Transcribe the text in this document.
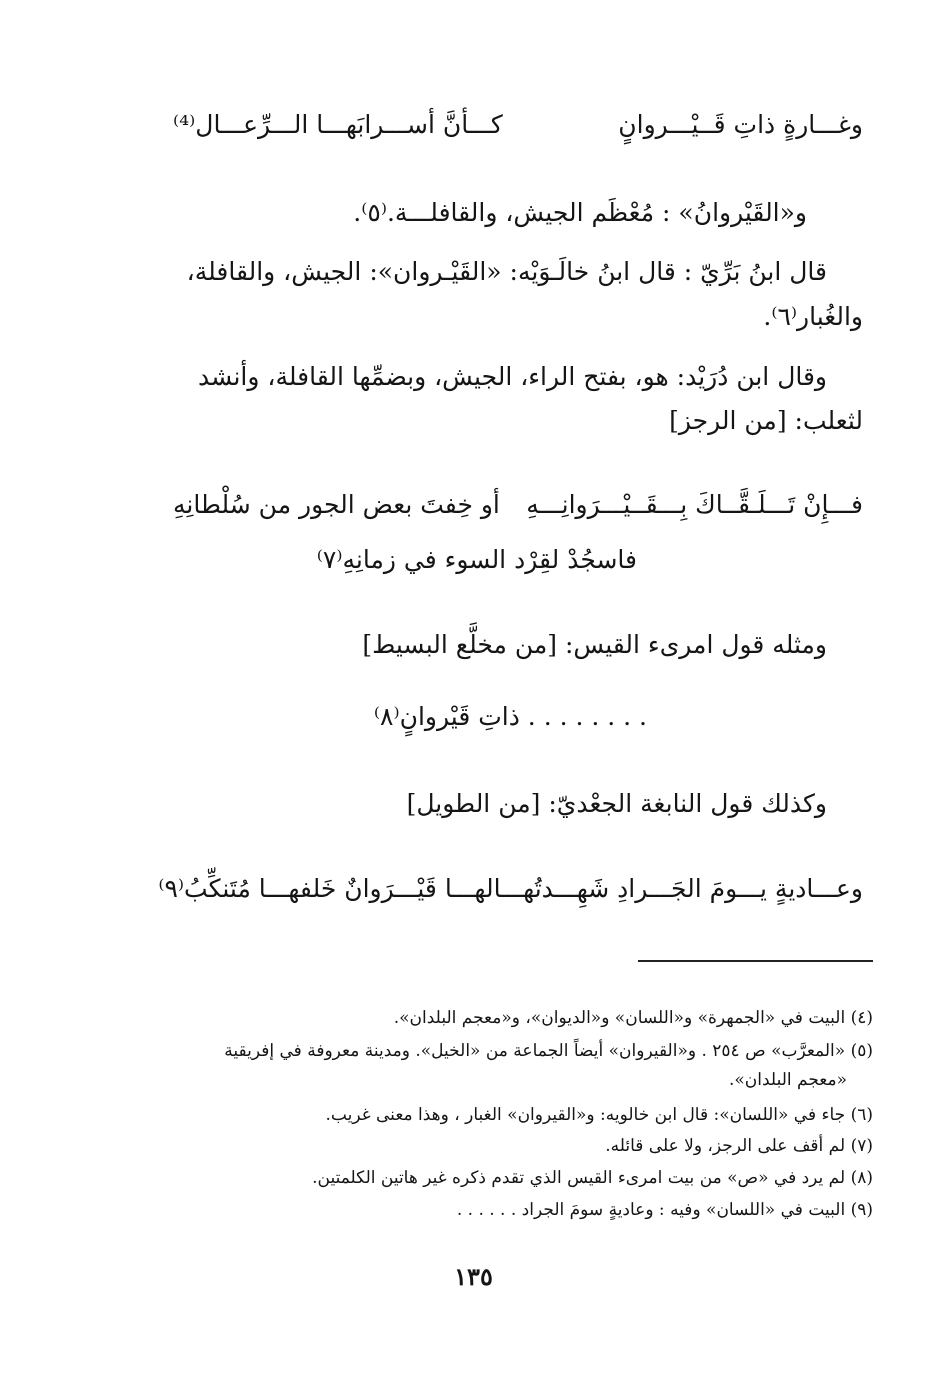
وغـــارةٍ ذاتِ قَــيْـــروانٍ
كـــأنَّ أســـرابَهـــا الـــرِّعـــال⁽⁴⁾
و«القَيْروانُ» : مُعْظَم الجيش، والقافلـــة.⁽٥⁾.
قال ابنُ بَرِّيّ : قال ابنُ خالَـوَيْه: «القَيْـروان»: الجيش، والقافلة،
والغُبار⁽٦⁾.
وقال ابن دُرَيْد: هو، بفتح الراء، الجيش، وبضمِّها القافلة، وأنشد
لثعلب: [من الرجز]
فـــإِنْ تَـــلَـقَّــاكَ بِـــقَــيْـــرَوانِـــهِ
أو خِفتَ بعض الجور من سُلْطانِهِ
فاسجُدْ لقِرْد السوء في زمانِهِ⁽٧⁾
ومثله قول امرىء القيس: [من مخلَّع البسيط]
. . . . . . . . ذاتِ قَيْروانٍ⁽٨⁾
وكذلك قول النابغة الجعْديّ: [من الطويل]
وعـــاديةٍ يـــومَ الجَـــرادِ شَهِـــدتُهـــا
لهـــا قَيْـــرَوانٌ خَلفهـــا مُتَنكِّبُ⁽٩⁾
(٤) البيت في «الجمهرة» و«اللسان» و«الديوان»، و«معجم البلدان».
(٥) «المعرَّب» ص ٢٥٤ . و«القيروان» أيضاً الجماعة من «الخيل». ومدينة معروفة في إفريقية
«معجم البلدان».
(٦) جاء في «اللسان»: قال ابن خالويه: و«القيروان» الغبار ، وهذا معنى غريب.
(٧) لم أقف على الرجز، ولا على قائله.
(٨) لم يرد في «ص» من بيت امرىء القيس الذي تقدم ذكره غير هاتين الكلمتين.
(٩) البيت في «اللسان» وفيه : وعاديةٍ سومَ الجراد . . . . . .
١٣٥
